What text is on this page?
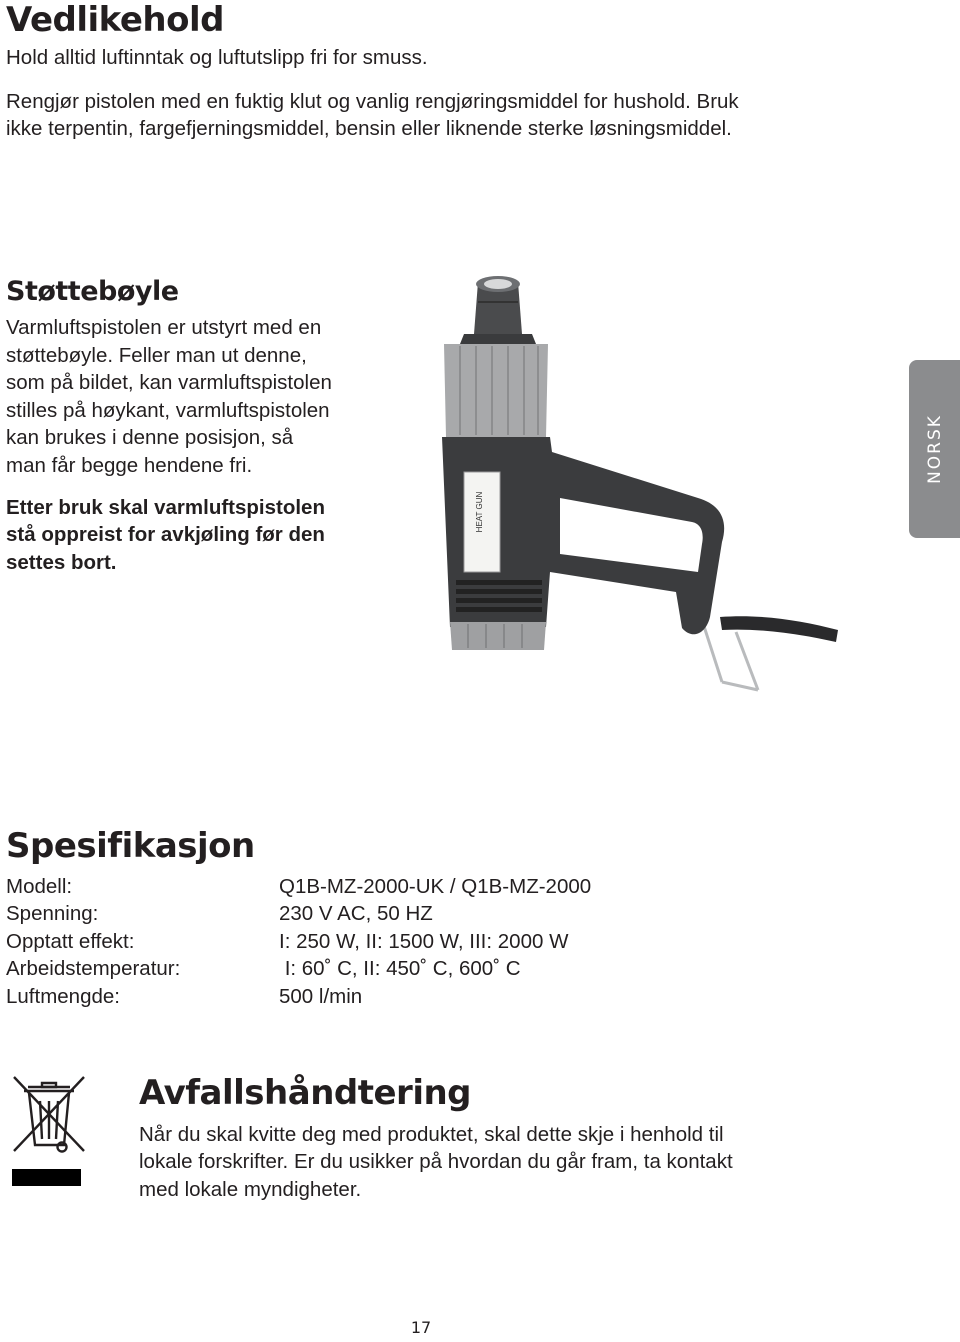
Vedlikehold

Hold alltid luftinntak og luftutslipp fri for smuss.

Rengjør pistolen med en fuktig klut og vanlig rengjøringsmiddel for hushold. Bruk

ikke terpentin, fargefjerningsmiddel, bensin eller liknende sterke løsningsmiddel.

Støttebøyle

Varmluftspistolen er utstyrt med en

støttebøyle. Feller man ut denne,

som på bildet, kan varmluftspistolen

stilles på høykant, varmluftspistolen

kan brukes i denne posisjon, så

man får begge hendene fri.

Etter bruk skal varmluftspistolen

stå oppreist for avkjøling før den

settes bort.

HEAT GUN
NORSK
Spesifikasjon
Modell:	Q1B-MZ-2000-UK / Q1B-MZ-2000
Spenning:	230 V AC, 50 HZ
Opptatt effekt:	I: 250 W, II: 1500 W, III: 2000 W
Arbeidstemperatur:	I: 60˚ C, II: 450˚ C, 600˚ C
Luftmengde:	500 l/min
Avfallshåndtering

Når du skal kvitte deg med produktet, skal dette skje i henhold til

lokale forskrifter. Er du usikker på hvordan du går fram, ta kontakt

med lokale myndigheter.

17
